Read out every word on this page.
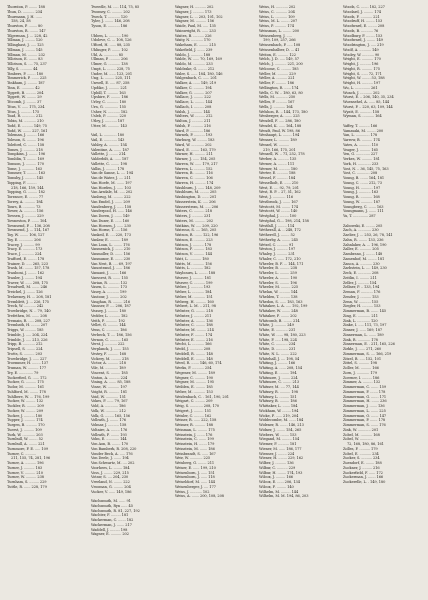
Thornton, P. ........ 188
Thun, D. ........... 234
Thurmann, J. H. ......
158, 24, 58
Thurston, P. ........ 80
Thurston, R. ........ 147
Tilgerman, J. ... 228, 42
Tillman, J. ......... 120
Tillinghast, J. ..... 125
Tillman, J. ......... 145
Tillman, M. ......... 232
Tillotson, E. ........ 83
Tillotson, S. .... 75, 237
Tilly, S. ........... 44
Timbers, P. ........ 180
Timmerick, P. ....... 225
Tinkham, J. ......... 187
Tinn, E. ............ 42
Tippett, B. ......... 204
Tippett, W. ......... 29
Titcomb, J. ......... 37
Titus, V. ...... 175, 234
Titus, J. .......... 175
Toad, R. ............ 212
Tobin, M. ........... 210
Todd, E. .......... 149, 75
Todd, W. ........ 227, 161
Toleman, J. ......... 166
Toleson, S. ......... 196
Toleford, C. ........ 158
Tomes, J. ........... 218
Tompkins, J. ........ 196
Tomblin, T. ......... 169
Tomson, J. .......... 170
Tome, J. ............ 163
Tommer, T. .......... 163
Tomsby, J. .......... 145
Topping, F. .........
218, 166, 159, 144
Topping, G. ......... 182
Torrance, E. ........ 77
Torrey, A. .......... 184
Tours, B. ........... 73
Tower, A. ........... 156
Towsen, J. .......... 229
Towneston, P. ....... 104
Townsend, P. ... 136, 208
Townsend, J. ... 114, 167
Toy, W. ........ 106, 127
Toy, E. ............. 206
Tracey, J. .......... 99
Tracy, E. ........... 173
Trace, J. ........... 224
Trafford, E. ........ 178
Trainer, D. ..... 265, 223
Trask, M. ........ 157, 178
Trauboni, J. ........ 162
Trauler, J. ......... 194
Traver, W. ...... 208, 175
Treadwell, M. ....... 246
Treichel, J. ........ 126
Trelawney, H. ... 208, 181
Tremblett, J. ... 226, 175
Treck, W. ........... 242
Trowbridge, N. .. 79, 140
Trefethen, M. ....... 208
Tremain, R. ..... 208, 227
Trembath, H. ........ 207
Triggs, W. .......... 185
Trimble, J. ..... 204, 224
Trimble, J. ..... 213, 226
Tripp, B. ........... 212
Tripsell, S. ........ 224
Trotts, S. .......... 203
Trowbridge, J. ...... 227
Troemmer, H. ........ 137
Truman, W. .......... 177
Try, E. ............. 79
Tuckerfied, G. ...... 172
Tucker, G. .......... 175
Tudor, M. ........... 161
Tuhlford, M. ........ 178
Tuhlbere, W. ... 176, 199
Tucker, W. ......... 132
Tuckler, R. ......... 209
Tucker, W. ......... 209
Tucker, J. .......... 180
Tupper, J. .......... 174
Turgen, B. .......... 170
Tuerst, J. .......... 109
Turk, W. ............ 203
Turnbull, W. ........ 52
Turnbull, A. ........ 221
Turnmore, F. E. ..... 109
Turner, C. ..........
211, 155, 74, 281, 196
Turner, A. .......... 196
Turner, J. .......... 183
Turner, V. .......... 210
Turner, W. .......... 238
Turnham, S. ......... 229
Tuttle, R. ...... 228, 179
Tweedle, M. ..... 114, 75, 85
Twomey, C. .......... 202
Tweck, T. ........... 120
Tyler, J. ........ 146, 208
Tyson, E. ........... 186
Ubben, L. ........... 190
Udoleve, C. ... 108, 126
Ufford, H. ...... 88, 235
Uhlinger, P. ........ 102
Uhl, A. ............. 85
Ullman, P. .......... 206
Ulmer, G. ........... 138
Umpt, L. ........ 228, 75
Under, M. ...... 123, 201
Ung, L. ......... 225, 111
Unwell, E. ..... 87, 258
Updike, J. .......... 221
Uphill, T. .......... 163
Upshire, F. ......... 186
Urley, C. ........... 180
Urn, G. ............. 155
Usher, N. ........... 182
Usleb, P. ........... 220
Utley, J. ........... 187
Utter, M. ........... 143
Vail, L. ............ 180
Vail, E. ............ 143
Vahley, A. .......... 154
Valentine, A. ....... 187
Vallette, J. ........ 214
Valderbilt, A. ...... 187
Vallette, C. ........ 198
Vallin, J. .......... 178
Van de Sanne, L. .... 194
Van de Water, J. .... 211
Van Hoefe, M. ....... 197
Van Horden, J. ...... 103
Van Arsdale, M. ..... 202
Vanbrug, M. ......... 222
Van Emdel, J. ....... 209
Vandenberg, J. ...... 158
Vanderpool, H. ...... 146
Van Doren, J. ....... 149
Van Duzer, E. ...... 160
Van Hoesen, J. ...... 230
Van Horne, T. .... 156
Vankeil, E. .... 220, 173
Vanlaw, E. .......... 189
Van Loan, L. ........ 176
Vanmenick, J. ....... 210
Vanmoller, D. ....... 156
Vanmunor, E. ....... 230
Van Nest, B. .... 69, 197
Vanostrand, J. ...... 186
Vansant, J. ........ 166
Vanvorst, R. ....... 155
Varian, R. .......... 132
Vasen, L. ........... 173
Vasey, A. ........... 199
Vautour, J. ......... 202
Vaughan, R. ......... 216
Vausser, F. .... 206, 187
Veasey, J. .......... 180
Vedder, L. .......... 182
Veith, P. ........... 192
Vellet, G. .......... 144
Venn, C. ............ 186
Verbeck, T. .... 186, 156
Vernon, C. .......... 165
Verst, J. ........... 222
Verplanck, J. ....... 155
Vestey, F. .......... 168
Vickery, M. ......... 218
Victor, A. .......... 218
Vile, M. ............ 189
Vincent, S. ......... 185
Vinton, A. .......... 224
Vining, A. ....... 85, 188
Vinse, W. ........... 197
Voight, R. .......... 181
Void, W. ............ 151
Vokes, F. ...... 79, 167
Vold, A. ............ 186
Volk, W. ............ 212
Volk, G. ........ 165, 156
Vollrath, J. ........ 176
Volmar, J. .......... 158
Voltaire, A. ........ 176
Vollrath, F. ........ 193
Volm, E. ............ 144
Von Aon, B. ........ 170
Von Bamberk, R. 208, 220
Vonder Beck, A. ..... 176
Von Deele, J. ....... 194
Von Schwartz, M. .... 202
Voorhees, L. ........ 184
Voss, J. ........ 229, 215
Votaw, S. .... 204, 230
Vreeland, N. ........ 222
Vrooman, G. ......... 204
Vucker, V. ...... 149, 186
Wachsmuth, M. ...... 91
Wachsmuth, Ryn ...... 45
Wachsmuth, R. 81, 227, 192
Wachter, F. ......... 181
Wackerman, C. ....... 182
Wackerman, J. ....... 217
Waddell, J. ......... 198
Wagner, E. .......... 202
Wagner, H. .......... 202
Wagner, J. .......... 173
Wagner, L. ... 203, 101, 102
Wagner, M. .......... 156
Waide, Paul, M. ..... 135
Wainwright, R. ...... 233
Waites, B. .......... 226
Waity, N. ........... 170
Wakeham, E. ......... 215
Wakefield, J. ....... 239
Waldo, J. ........... 188
Walde, W. ...... 70, 169, 169
Waldo, M. ........... 233
Waldrake, G. ........ 212
Waler, S. ...... 184, 180, 146
Walgenbach, C. ...... 201
Walker, A. ...... 149, 219
Walker, C. .......... 194
Walker, G. .......... 207
Wallace, J. ......... 222
Wallace, L. ......... 144
Wallach, I. ......... 208
Walsh, J. ........... 144
Walters, W. ......... 212
Walton, J. .......... 211
Walsh, F. ........... 216
Ward, P. ............ 186
Warnek, P. .......... 193
Warburg, W. ......... 183
Ward, W. ............ 202
Ward, E. ........ 163, 179
Warner, H. .......... 211
Warner, J. ...... 154, 205
Warren, W. ...... 179, 217
Warren, L. .......... 152
Warren, B. .......... 116
Warren, C. .......... 106
Warren, H. .......... 174
Washburn, J. ...... 148, 209
Washburn, M. ........ 205
Washington, D. ...... 201
Wasserstein, K. ..... 206
Wasserstrom, M. ..... 206
Waters, C. .......... 218
Waters, J. .......... 231
Waters, M. .......... 202
Watkins, W. ..... 209, 220
Watrous, S. .... 165, 205
Watson, R. ....... 122, 196
Watson, E. .......... 223
Watson, J. .......... 178
Watson, F. .......... 183
Watson, V. .......... 144
Watt, L. ........... 180
Watts, M. ........... 156
Watts, L. ........... 182
Waybourn, L. ........ 188
Weaver, J. .......... 181
Weaver, C. .......... 199
Weber, J. ........... 193
Weber, L. ........... 184
Weber, M. ........... 151
Weberg, H. .......... 160
Webert, L. M. .. 211, 98
Webster, G. ......... 218
Webster, J. ......... 211
Webster, A. ......... 136
Webster, C. ......... 188
Webster, M. ......... 214
Webster, F. ......... 174
Webster, E. ......... 216
Wecht, L. ........... 166
Wedd, J. ............ 208
Weddell, R. ......... 148
Weddell, E. ......... 148
Weed, R. ....... 146, 60, 174
Weeks, F. ........... 254
Wegener, M. ......... 189
Wegner, C. .......... 190
Wegner, M. .......... 195
Weiblen, E. ......... 185
Weber, M. ........... 153
Weidenbach, C. . 161, 190, 201
Weigart, C. ......... 209
Weig, S. ............ 208, 170
Weigert, J. ......... 151
Weisler, C. ......... 162
Weiner, R. ...... 222, 158
Weimer, R. .......... 188
Weinman, L. ......... 175
Weinstein, J. ....... 176
Weinstein, C. ....... 199
Weinstein, H. ....... 179
Weinstein, M. ....... 186
Weinbrandt, S. ...... 167
Weir, W. ............ 225
Weisberg, G. ........ 211
Weiser, E. ...... 199, 210
Weisenborn, J. ...... 151
Weisenborn, J. ...... 118
Weiseldorf, M. ...... 144
Weisenberger, J. .... 177
Weiss, J. ........... 102
Weiss, A. ....... 200, 108, 208
Weiss, H. ........... 202
Weiss, C. ........... 204
Weiss, L. ........... 109
Weiss, M. L. ........ 207
Weiss, P. ........... 174
Weissman, L. ........ 200
Weissenberg, J. .....
199, 109, 257, 266
Weissenbach, P. ..... 108
Weissenbalber, D. ... 41
Weiton, E. .......... 122
Welch, J. D. ..... 149, 57
Welch, J. ........... 221, 200
Welcome, C. ......... 185
Weller, M. .......... 229
Weller, A. .......... 221
Weller, F. .......... 186
Wellington, R. ...... 174
Wells, C. W. .. 180, 63, 80
Wells, M. ........... 250
Welles, F. .......... 167
Wells, J. ........... 164
Welshon, R. .. 144, 173, 180
Wenberger, A. ....... 225
Wendell, F. ..... 286, 180
Wendel, K. ...... 164, 188
Wendt, Paul, W. 198, 86
Wenhaupt, L. ........ 194
Wenner, L. .......... 189
Wenzel, W. ..........
219, 166, 175, 201
Wenzell, W. .. 71, 252, 178
Werber, A. .......... 135
Werner, A. ........ 111
Werner, M. .......... 180
Werter, E. .......... 188
Wessel, F. .......... 184
Wesselholt, E. ...... 210
West, E. .... 92, 79, 201
West, R. P. .. 27, 51, 162
West, J. ............ 116
Westbrook, J. ....... 167
Westcott, M. ........ 174
Westcott, W. ........ 140
Westphal, J. ........ 100
Westphal, G.... 198, 214, 158
Westfall, J. ........ 114
Wetherall, A. .. 248, 172
Wetherell, J. ........ 52
Wetherby, A. ........ 245
Wetzel, C. .......... 91
Weston, J. .......... 197
Whaley, J. .......... 231
Whaler, C. ...... 172, 210
Wheeler, B. F. ... 144, 171
Wheeler, B. ......... 238
Wheeler, L. ......... 259
Wheeler, A. ......... 190
Wheeler, S. ......... 196
Wheeler, M. ......... 225
Whelan, W. .......... 144
Whelden, T. ......... 138
Whedon, S. ...... 183, 163
Whitaker, L. A. ..... 192, 199
Whitaker, W. ........ 248
Whitaker, F. ........ 202
Whitcomb, B. ........ 214
White, J. ........... 249
White, E. ........... 231
White, W. ...... 98, 180, 223
White, F. ..... 198, 224
White, C. ........... 234
White, D. ........... 231
White, N. L. ........ 222
Whitehall, J. .... 198, 54
Whiting, J. ......... 166
Whiting, A. ...... 208, 154
Whiting, E. ......... 194
Whitmore, J. ........ 224
Whitmore, C. ........ 213
Whitner, M. .... 77, 144
Whitney, R. .......... 198
Whitney, L. ......... 151
Whitney, B. ......... 186
Whittaker, L. ....... 184
Wickham, W. ........ 194
Wicke, F. ...... 219, 204
Widdecombe, M. ...... 184
Widener, R. ....... 146, 213
Widner, J. ........ 154, 265
Wiebers, W. ........ 153
Wiegand, M. ......... 154
Wiemer, F. .......... 181
Wiener, M. ...... 186, 177
Wiesner, J. ........ 224
Wiener, H. ........ 229, 162
Wilber, J. .......... 136
Wilbur, C. .......... 229
Wilbur, H. ........ 174, 193
Wilcox, J. ......... 166
Wilcox, E. ...... 206, 134
Wilcox, F. ......... 140
Wilhelm, M. ......... 144
Wilhelm, M. M. 194, 86, 203
Woods, C. ....... 182, 227
Woodard, J. ......... 174
Woods, F. ........... 221
Woodruff, H. ........ 153
Woodward, E. ........ 208
Woods, B. ........... 76
Woodbury, F. ........ 153
Woodward, J. ........ 149
Woodrington, J. ..... 219
Woolf, A. ........... 149
Wooley, W. ........... 90
Wright, E. ........... 170
Wright, J. .......... 196
Wright, R. .......... 175
Wright, S. ...... 72, 171
Wright, W. ........ 53, 188
Wright, H. .......... 197
Wu, L. .............. 261
Wunch, J. ........... 202
Wurst, E. .. 206, 140, 35, 234
Wuensehel, A. ...... 85, 144
Wurst, P. .. 220, 63, 109, 144
Wyatt, E. ........... 158
Wyman, S. ........... 164
Yaffey, T. .......... 166
Yamasaki, M. ........ 200
Yan, L. ............. 178
Yarrow, B. .......... 174
Yates, A. ........... 110
Yeager, J. .......... 165
Yen, G. ............. 227
Yerkes, W. .......... 181
York, H. ............ 233
Yost, N. .. 36, 145, 75, 163
Yost, C. ............ 208
Young, B. ....... 164, 181
Young, C. ....... 212, 73
Young, H. ........... 197
Young, J. ........... 163
Young, R. ........... 168
Young, W. ........... 187
Youngberg, C. ....... 163
Youngmann, J. ....... 111
Yu, T. .............. 287
Zabowski, E. ........ 205
Zach, A. ............ 230
Zaelier, J. ... 253, 26, 78, 141
Zahn, R. ........ 133, 236
Zahnlaker, A. ... 196, 190
Zaller, E. ........... 205
Zambrano, J. ........ 148
Zamenhof, M. ........ 181
Zanca, A. ........... 230
Zarbstein, L. .... 149, 230
Zeck, E. ............ 208
Zeitlin, I. ......... 211
Zeller, J. .......... 154
Zellner, P. .. 133, 194
Zeman, F. ........... 176
Zender, J. .......... 153
Zenn, W. ........... 155
Ziegler, H. .......... 153
Zimmerman, B. ....... 145
Zing, E. ............ 211
Zink, L. ............ 120
Zinke, I. ..... 111, 73, 197
Zinner, J. ...... 169, 187
Zinnerman, L. ....... 189
Zink, R. ............ 178
Zinnerman, E. . 211, 165, 226
Zirkle, J. ...... 271, 260
Zimmerman, S. .... 166, 219
Zitzel, B. ..... 152, 101
Zittel, S. .......... 198
Zoller, M. .......... 166
Zorn, J. ............ 179
Zoerner, I. ......... 186
Zimmer, A. ......... 132
Zimmerman, C. ....... 159
Zimmerman, F. ....... 178
Zimmerman, G. ....... 171
Zimmerman, H. ....... 236
Zimmerman, J. ....... 136
Zimmerman, L. ....... 225
Zimmerman, O. ....... 147
Zimmerman, P. ....... 178
Zimmerman, S. ....... 176
Zink, W. ............ 201
Zobel, M. ........... 168
Zobel, W. ............
72, 168, 180, 86, 161
Zolles, F. .......... 179
Zobel, E. ........... 234
Zucker, S. .......... 234
Zuendorf, E. ........ 188
Zuckner, J. ......... 216
Zuckerfield, F. ...... 172
Zuckerman, J. ....... 166
Zuckerelle, L. . 149, 180
